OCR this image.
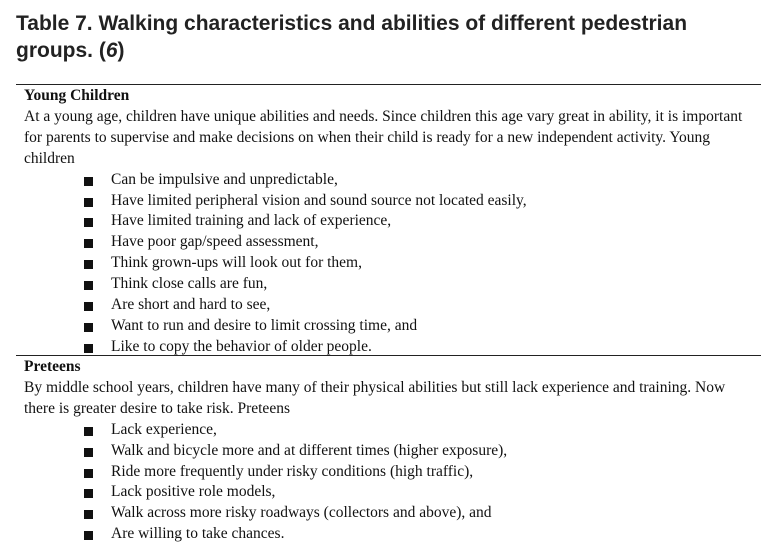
Table 7. Walking characteristics and abilities of different pedestrian groups. (6)

Young Children

At a young age, children have unique abilities and needs. Since children this age vary great in ability, it is important for parents to supervise and make decisions on when their child is ready for a new independent activity. Young children

Can be impulsive and unpredictable,
Have limited peripheral vision and sound source not located easily,
Have limited training and lack of experience,
Have poor gap/speed assessment,
Think grown-ups will look out for them,
Think close calls are fun,
Are short and hard to see,
Want to run and desire to limit crossing time, and
Like to copy the behavior of older people.

Preteens

By middle school years, children have many of their physical abilities but still lack experience and training. Now there is greater desire to take risk. Preteens

Lack experience,
Walk and bicycle more and at different times (higher exposure),
Ride more frequently under risky conditions (high traffic),
Lack positive role models,
Walk across more risky roadways (collectors and above), and
Are willing to take chances.
